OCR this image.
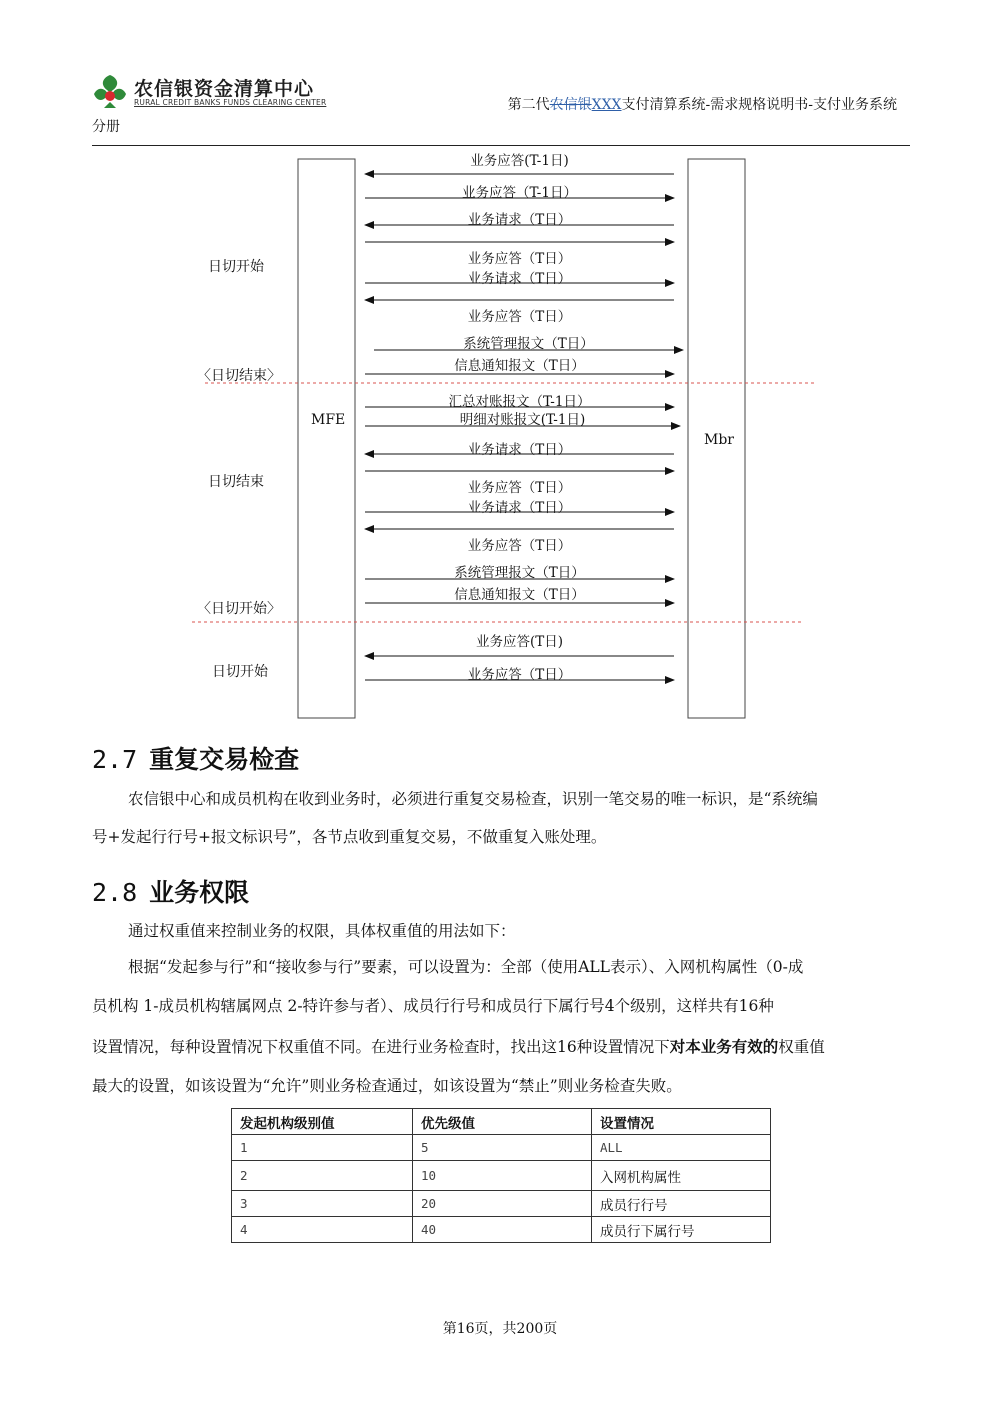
农信银资金清算中心
RURAL CREDIT BANKS FUNDS CLEARING CENTER	第二代农信银XXX支付清算系统-需求规格说明书-支付业务系统
分册
MFE
Mbr
日切开始
〈日切结束〉
日切结束
〈日切开始〉
日切开始
业务应答(T-1日)
业务应答（T-1日）
业务请求（T日）
业务应答（T日）
业务请求（T日）
业务应答（T日）
系统管理报文（T日）
信息通知报文（T日）
汇总对账报文（T-1日）
明细对账报文(T-1日)
业务请求（T日）
业务应答（T日）
业务请求（T日）
业务应答（T日）
系统管理报文（T日）
信息通知报文（T日）
业务应答(T日)
业务应答（T日）
2.7 重复交易检查
农信银中心和成员机构在收到业务时，必须进行重复交易检查，识别一笔交易的唯一标识，是“系统编
号+发起行行号+报文标识号”，各节点收到重复交易，不做重复入账处理。
2.8 业务权限
通过权重值来控制业务的权限，具体权重值的用法如下：
根据“发起参与行”和“接收参与行”要素，可以设置为：全部（使用ALL表示）、入网机构属性（0-成
员机构 1-成员机构辖属网点 2-特许参与者）、成员行行号和成员行下属行号4个级别，这样共有16种
设置情况，每种设置情况下权重值不同。在进行业务检查时，找出这16种设置情况下对本业务有效的权重值
最大的设置，如该设置为“允许”则业务检查通过，如该设置为“禁止”则业务检查失败。
发起机构级别值	优先级值	设置情况
1	5	ALL
2	10	入网机构属性
3	20	成员行行号
4	40	成员行下属行号
第16页，共200页
